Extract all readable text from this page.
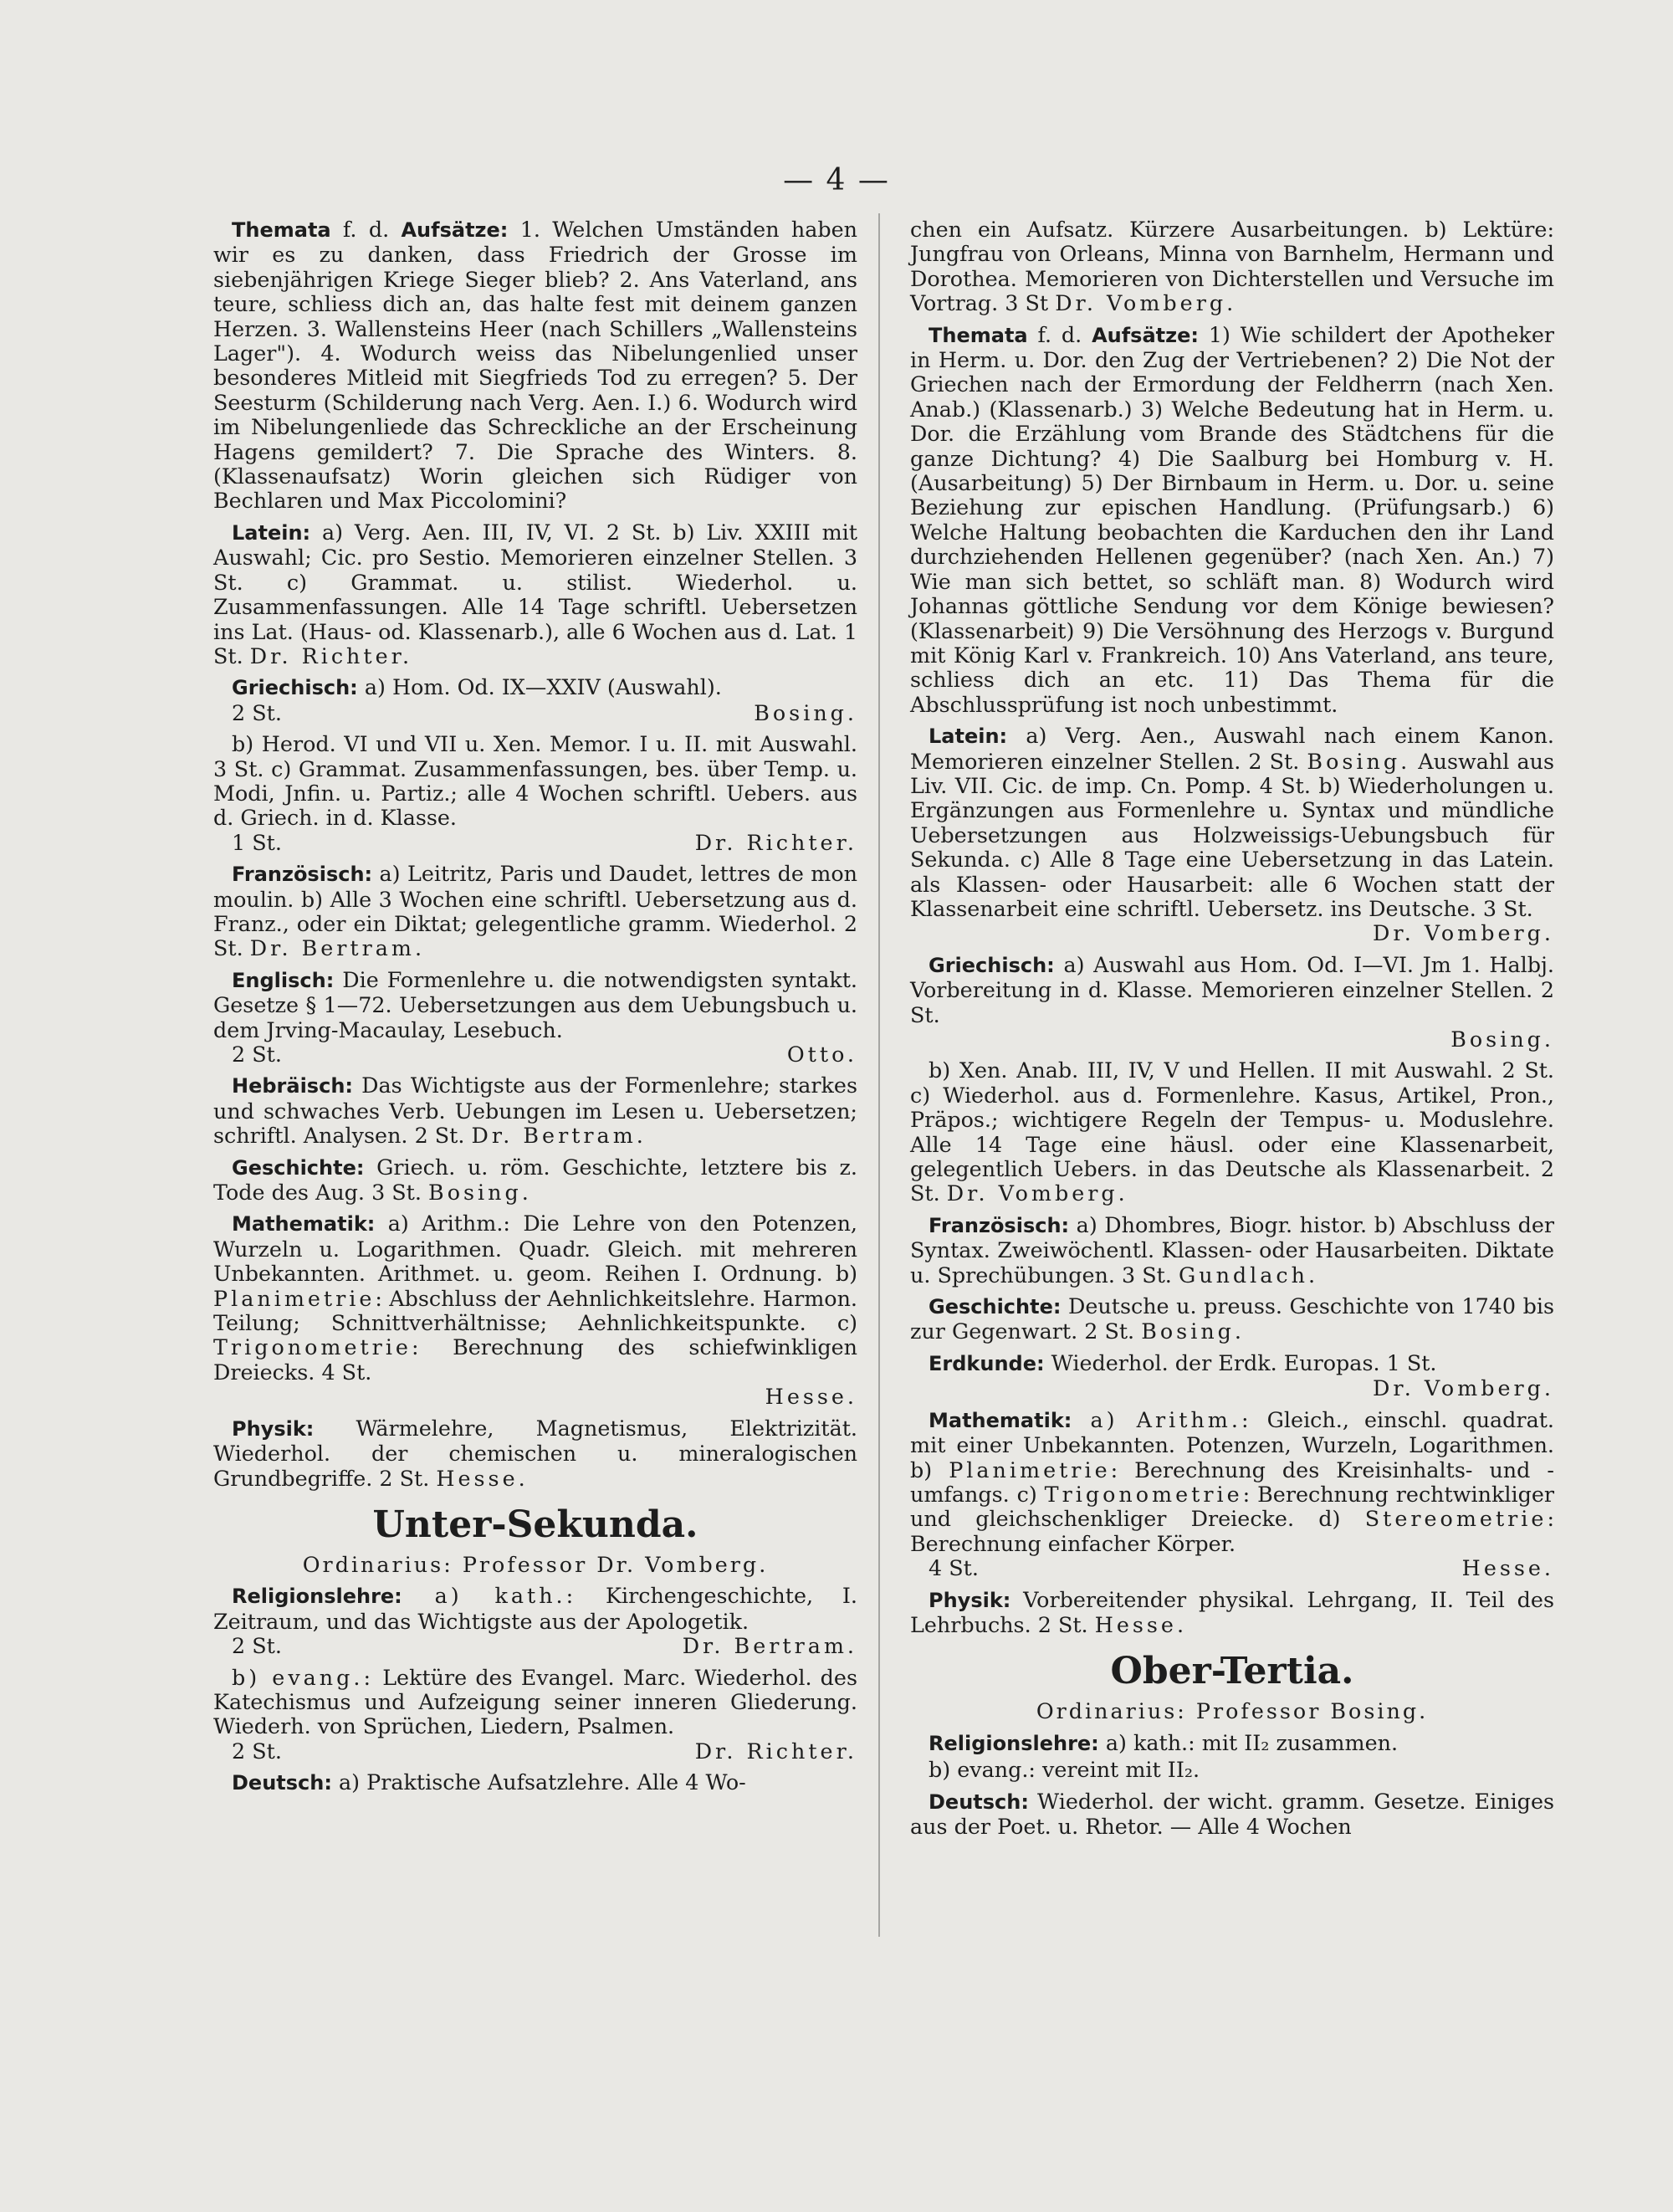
— 4 —

Themata f. d. Aufsätze: 1. Welchen Umständen haben wir es zu danken, dass Friedrich der Grosse im siebenjährigen Kriege Sieger blieb? 2. Ans Vaterland, ans teure, schliess dich an, das halte fest mit deinem ganzen Herzen. 3. Wallensteins Heer (nach Schillers „Wallensteins Lager"). 4. Wodurch weiss das Nibelungenlied unser besonderes Mitleid mit Siegfrieds Tod zu erregen? 5. Der Seesturm (Schilderung nach Verg. Aen. I.) 6. Wodurch wird im Nibelungenliede das Schreckliche an der Erscheinung Hagens gemildert? 7. Die Sprache des Winters. 8. (Klassenaufsatz) Worin gleichen sich Rüdiger von Bechlaren und Max Piccolomini?

Latein: a) Verg. Aen. III, IV, VI. 2 St. b) Liv. XXIII mit Auswahl; Cic. pro Sestio. Memorieren einzelner Stellen. 3 St. c) Grammat. u. stilist. Wiederhol. u. Zusammenfassungen. Alle 14 Tage schriftl. Uebersetzen ins Lat. (Haus- od. Klassenarb.), alle 6 Wochen aus d. Lat. 1 St. Dr. Richter.

Griechisch: a) Hom. Od. IX—XXIV (Auswahl).

2 St.	Bosing.

b) Herod. VI und VII u. Xen. Memor. I u. II. mit Auswahl. 3 St. c) Grammat. Zusammenfassungen, bes. über Temp. u. Modi, Jnfin. u. Partiz.; alle 4 Wochen schriftl. Uebers. aus d. Griech. in d. Klasse.

1 St.	Dr. Richter.

Französisch: a) Leitritz, Paris und Daudet, lettres de mon moulin. b) Alle 3 Wochen eine schriftl. Uebersetzung aus d. Franz., oder ein Diktat; gelegentliche gramm. Wiederhol. 2 St. Dr. Bertram.

Englisch: Die Formenlehre u. die notwendigsten syntakt. Gesetze § 1—72. Uebersetzungen aus dem Uebungsbuch u. dem Jrving-Macaulay, Lesebuch.

2 St.	Otto.

Hebräisch: Das Wichtigste aus der Formenlehre; starkes und schwaches Verb. Uebungen im Lesen u. Uebersetzen; schriftl. Analysen. 2 St. Dr. Bertram.

Geschichte: Griech. u. röm. Geschichte, letztere bis z. Tode des Aug. 3 St. Bosing.

Mathematik: a) Arithm.: Die Lehre von den Potenzen, Wurzeln u. Logarithmen. Quadr. Gleich. mit mehreren Unbekannten. Arithmet. u. geom. Reihen I. Ordnung. b) Planimetrie: Abschluss der Aehnlichkeitslehre. Harmon. Teilung; Schnittverhältnisse; Aehnlichkeitspunkte. c) Trigonometrie: Berechnung des schiefwinkligen Dreiecks. 4 St.

Hesse.

Physik: Wärmelehre, Magnetismus, Elektrizität. Wiederhol. der chemischen u. mineralogischen Grundbegriffe. 2 St. Hesse.

Unter-Sekunda.
Ordinarius: Professor Dr. Vomberg.

Religionslehre: a) kath.: Kirchengeschichte, I. Zeitraum, und das Wichtigste aus der Apologetik.

2 St.	Dr. Bertram.

b) evang.: Lektüre des Evangel. Marc. Wiederhol. des Katechismus und Aufzeigung seiner inneren Gliederung. Wiederh. von Sprüchen, Liedern, Psalmen.

2 St.	Dr. Richter.

Deutsch: a) Praktische Aufsatzlehre. Alle 4 Wo-

chen ein Aufsatz. Kürzere Ausarbeitungen. b) Lektüre: Jungfrau von Orleans, Minna von Barnhelm, Hermann und Dorothea. Memorieren von Dichterstellen und Versuche im Vortrag. 3 St Dr. Vomberg.

Themata f. d. Aufsätze: 1) Wie schildert der Apotheker in Herm. u. Dor. den Zug der Vertriebenen? 2) Die Not der Griechen nach der Ermordung der Feldherrn (nach Xen. Anab.) (Klassenarb.) 3) Welche Bedeutung hat in Herm. u. Dor. die Erzählung vom Brande des Städtchens für die ganze Dichtung? 4) Die Saalburg bei Homburg v. H. (Ausarbeitung) 5) Der Birnbaum in Herm. u. Dor. u. seine Beziehung zur epischen Handlung. (Prüfungsarb.) 6) Welche Haltung beobachten die Karduchen den ihr Land durchziehenden Hellenen gegenüber? (nach Xen. An.) 7) Wie man sich bettet, so schläft man. 8) Wodurch wird Johannas göttliche Sendung vor dem Könige bewiesen? (Klassenarbeit) 9) Die Versöhnung des Herzogs v. Burgund mit König Karl v. Frankreich. 10) Ans Vaterland, ans teure, schliess dich an etc. 11) Das Thema für die Abschlussprüfung ist noch unbestimmt.

Latein: a) Verg. Aen., Auswahl nach einem Kanon. Memorieren einzelner Stellen. 2 St. Bosing. Auswahl aus Liv. VII. Cic. de imp. Cn. Pomp. 4 St. b) Wiederholungen u. Ergänzungen aus Formenlehre u. Syntax und mündliche Uebersetzungen aus Holzweissigs-Uebungsbuch für Sekunda. c) Alle 8 Tage eine Uebersetzung in das Latein. als Klassen- oder Hausarbeit: alle 6 Wochen statt der Klassenarbeit eine schriftl. Uebersetz. ins Deutsche. 3 St.

Dr. Vomberg.

Griechisch: a) Auswahl aus Hom. Od. I—VI. Jm 1. Halbj. Vorbereitung in d. Klasse. Memorieren einzelner Stellen. 2 St.

Bosing.

b) Xen. Anab. III, IV, V und Hellen. II mit Auswahl. 2 St. c) Wiederhol. aus d. Formenlehre. Kasus, Artikel, Pron., Präpos.; wichtigere Regeln der Tempus- u. Moduslehre. Alle 14 Tage eine häusl. oder eine Klassenarbeit, gelegentlich Uebers. in das Deutsche als Klassenarbeit. 2 St. Dr. Vomberg.

Französisch: a) Dhombres, Biogr. histor. b) Abschluss der Syntax. Zweiwöchentl. Klassen- oder Hausarbeiten. Diktate u. Sprechübungen. 3 St. Gundlach.

Geschichte: Deutsche u. preuss. Geschichte von 1740 bis zur Gegenwart. 2 St. Bosing.

Erdkunde: Wiederhol. der Erdk. Europas. 1 St.

Dr. Vomberg.

Mathematik: a) Arithm.: Gleich., einschl. quadrat. mit einer Unbekannten. Potenzen, Wurzeln, Logarithmen. b) Planimetrie: Berechnung des Kreisinhalts- und -umfangs. c) Trigonometrie: Berechnung rechtwinkliger und gleichschenkliger Dreiecke. d) Stereometrie: Berechnung einfacher Körper.

4 St.	Hesse.

Physik: Vorbereitender physikal. Lehrgang, II. Teil des Lehrbuchs. 2 St. Hesse.

Ober-Tertia.
Ordinarius: Professor Bosing.

Religionslehre: a) kath.: mit II₂ zusammen.

b) evang.: vereint mit II₂.

Deutsch: Wiederhol. der wicht. gramm. Gesetze. Einiges aus der Poet. u. Rhetor. — Alle 4 Wochen
